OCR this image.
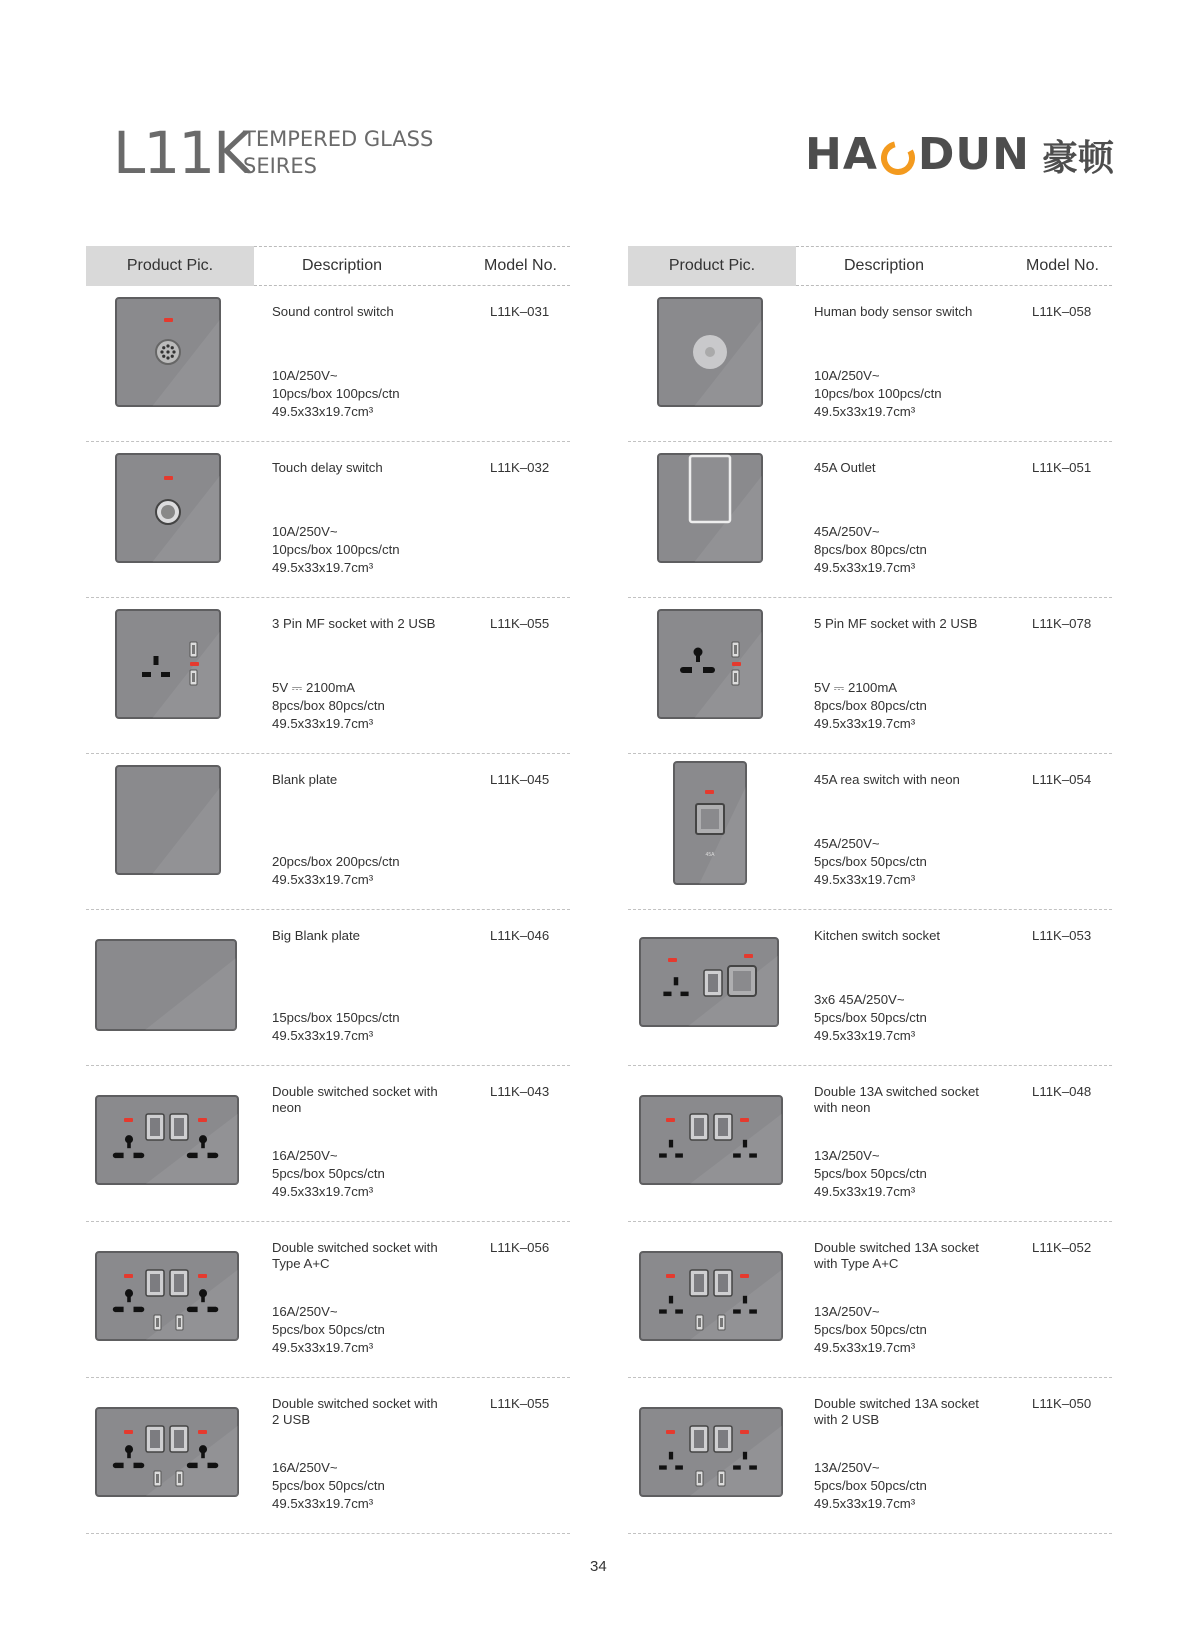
L11K
TEMPERED GLASS
SEIRES	HA DUN 豪顿
Product Pic.	Description	Model No.
Sound control switch	L11K–031
10A/250V~
10pcs/box 100pcs/ctn
49.5x33x19.7cm³
Touch delay switch	L11K–032
10A/250V~
10pcs/box 100pcs/ctn
49.5x33x19.7cm³
3 Pin MF socket with 2 USB	L11K–055
5V ⎓ 2100mA
8pcs/box 80pcs/ctn
49.5x33x19.7cm³
Blank plate	L11K–045
20pcs/box 200pcs/ctn
49.5x33x19.7cm³
Big Blank plate	L11K–046
15pcs/box 150pcs/ctn
49.5x33x19.7cm³
Double switched socket with neon
L11K–043
16A/250V~
5pcs/box 50pcs/ctn
49.5x33x19.7cm³
Double switched socket with Type A+C
L11K–056
16A/250V~
5pcs/box 50pcs/ctn
49.5x33x19.7cm³
Double switched socket with 2 USB
L11K–055
16A/250V~
5pcs/box 50pcs/ctn
49.5x33x19.7cm³
Product Pic.	Description	Model No.
Human body sensor switch	L11K–058
10A/250V~
10pcs/box 100pcs/ctn
49.5x33x19.7cm³
45A Outlet	L11K–051
45A/250V~
8pcs/box 80pcs/ctn
49.5x33x19.7cm³
5 Pin MF socket with 2 USB	L11K–078
5V ⎓ 2100mA
8pcs/box 80pcs/ctn
49.5x33x19.7cm³
45A
45A rea switch with neon	L11K–054
45A/250V~
5pcs/box 50pcs/ctn
49.5x33x19.7cm³
Kitchen switch socket	L11K–053
3x6 45A/250V~
5pcs/box 50pcs/ctn
49.5x33x19.7cm³
Double 13A switched socket with neon
L11K–048
13A/250V~
5pcs/box 50pcs/ctn
49.5x33x19.7cm³
Double switched 13A socket with Type A+C
L11K–052
13A/250V~
5pcs/box 50pcs/ctn
49.5x33x19.7cm³
Double switched 13A socket with 2 USB
L11K–050
13A/250V~
5pcs/box 50pcs/ctn
49.5x33x19.7cm³
34
